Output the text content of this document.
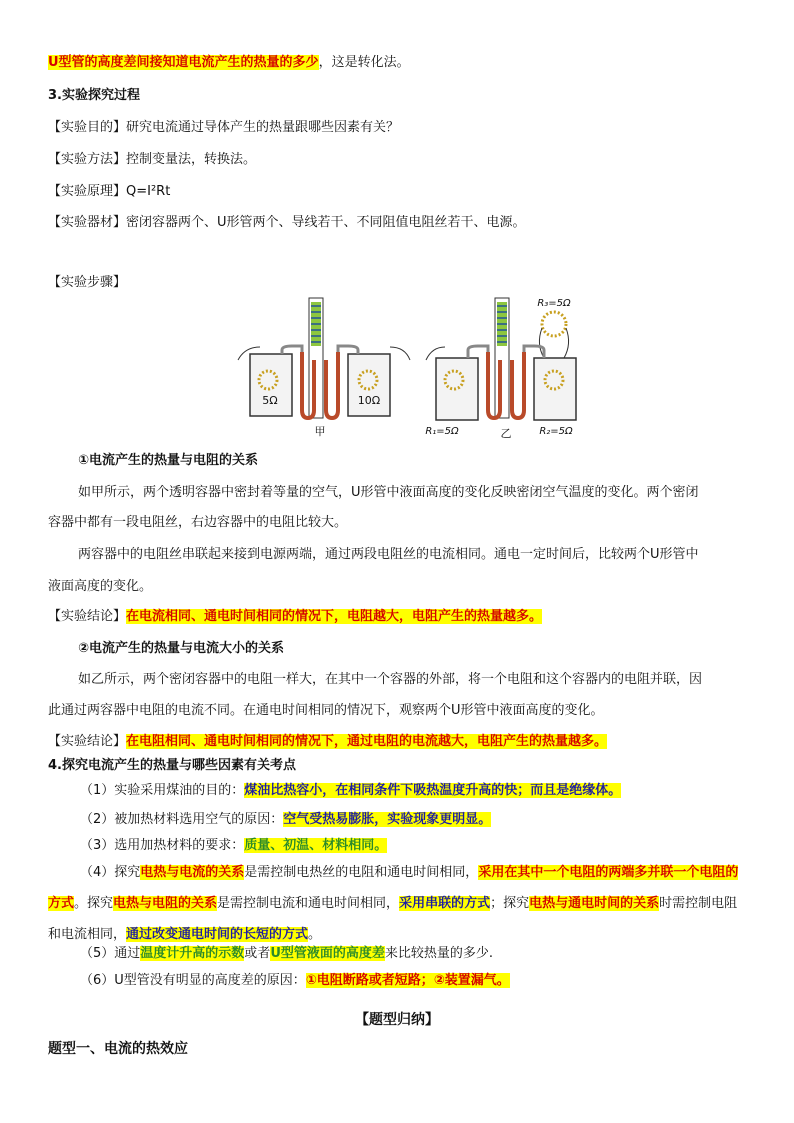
U型管的高度差间接知道电流产生的热量的多少，这是转化法。
3.实验探究过程
【实验目的】研究电流通过导体产生的热量跟哪些因素有关？
【实验方法】控制变量法，转换法。
【实验原理】Q=I²Rt
【实验器材】密闭容器两个、U形管两个、导线若干、不同阻值电阻丝若干、电源。
【实验步骤】
5Ω	10Ω
甲
R₃=5Ω
R₁=5Ω	R₂=5Ω
乙
①电流产生的热量与电阻的关系
如甲所示，两个透明容器中密封着等量的空气，U形管中液面高度的变化反映密闭空气温度的变化。两个密闭
容器中都有一段电阻丝，右边容器中的电阻比较大。
两容器中的电阻丝串联起来接到电源两端，通过两段电阻丝的电流相同。通电一定时间后，比较两个U形管中
液面高度的变化。
【实验结论】在电流相同、通电时间相同的情况下，电阻越大，电阻产生的热量越多。
②电流产生的热量与电流大小的关系
如乙所示，两个密闭容器中的电阻一样大，在其中一个容器的外部，将一个电阻和这个容器内的电阻并联，因
此通过两容器中电阻的电流不同。在通电时间相同的情况下，观察两个U形管中液面高度的变化。
【实验结论】在电阻相同、通电时间相同的情况下，通过电阻的电流越大，电阻产生的热量越多。
4.探究电流产生的热量与哪些因素有关考点
（1）实验采用煤油的目的：煤油比热容小，在相同条件下吸热温度升高的快；而且是绝缘体。
（2）被加热材料选用空气的原因：空气受热易膨胀，实验现象更明显。
（3）选用加热材料的要求：质量、初温、材料相同。
（4）探究电热与电流的关系是需控制电热丝的电阻和通电时间相同，采用在其中一个电阻的两端多并联一个电阻的方式。探究电热与电阻的关系是需控制电流和通电时间相同，采用串联的方式；探究电热与通电时间的关系时需控制电阻和电流相同，通过改变通电时间的长短的方式。
（5）通过温度计升高的示数或者U型管液面的高度差来比较热量的多少.
（6）U型管没有明显的高度差的原因：①电阻断路或者短路；②装置漏气。
【题型归纳】
题型一、电流的热效应
